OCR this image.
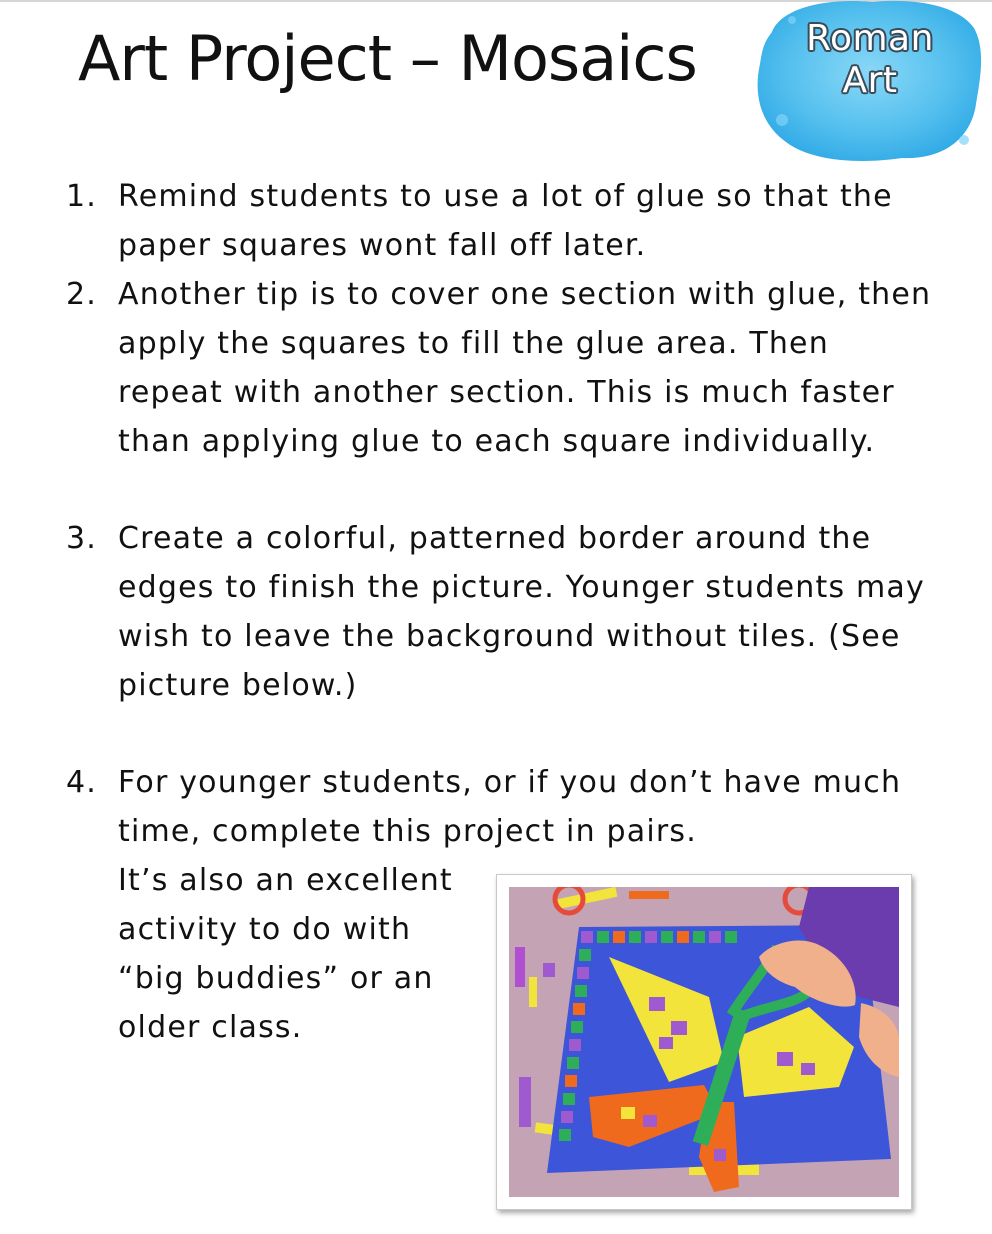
Art Project – Mosaics	Roman
Art
1. Remind students to use a lot of glue so that the paper squares wont fall off later.
2. Another tip is to cover one section with glue, then apply the squares to fill the glue area. Then repeat with another section. This is much faster than applying glue to each square individually.
3. Create a colorful, patterned border around the edges to finish the picture. Younger students may wish to leave the background without tiles. (See picture below.)
4. For younger students, or if you don’t have much time, complete this project in pairs.
It’s also an excellent activity to do with “big buddies” or an older class.
